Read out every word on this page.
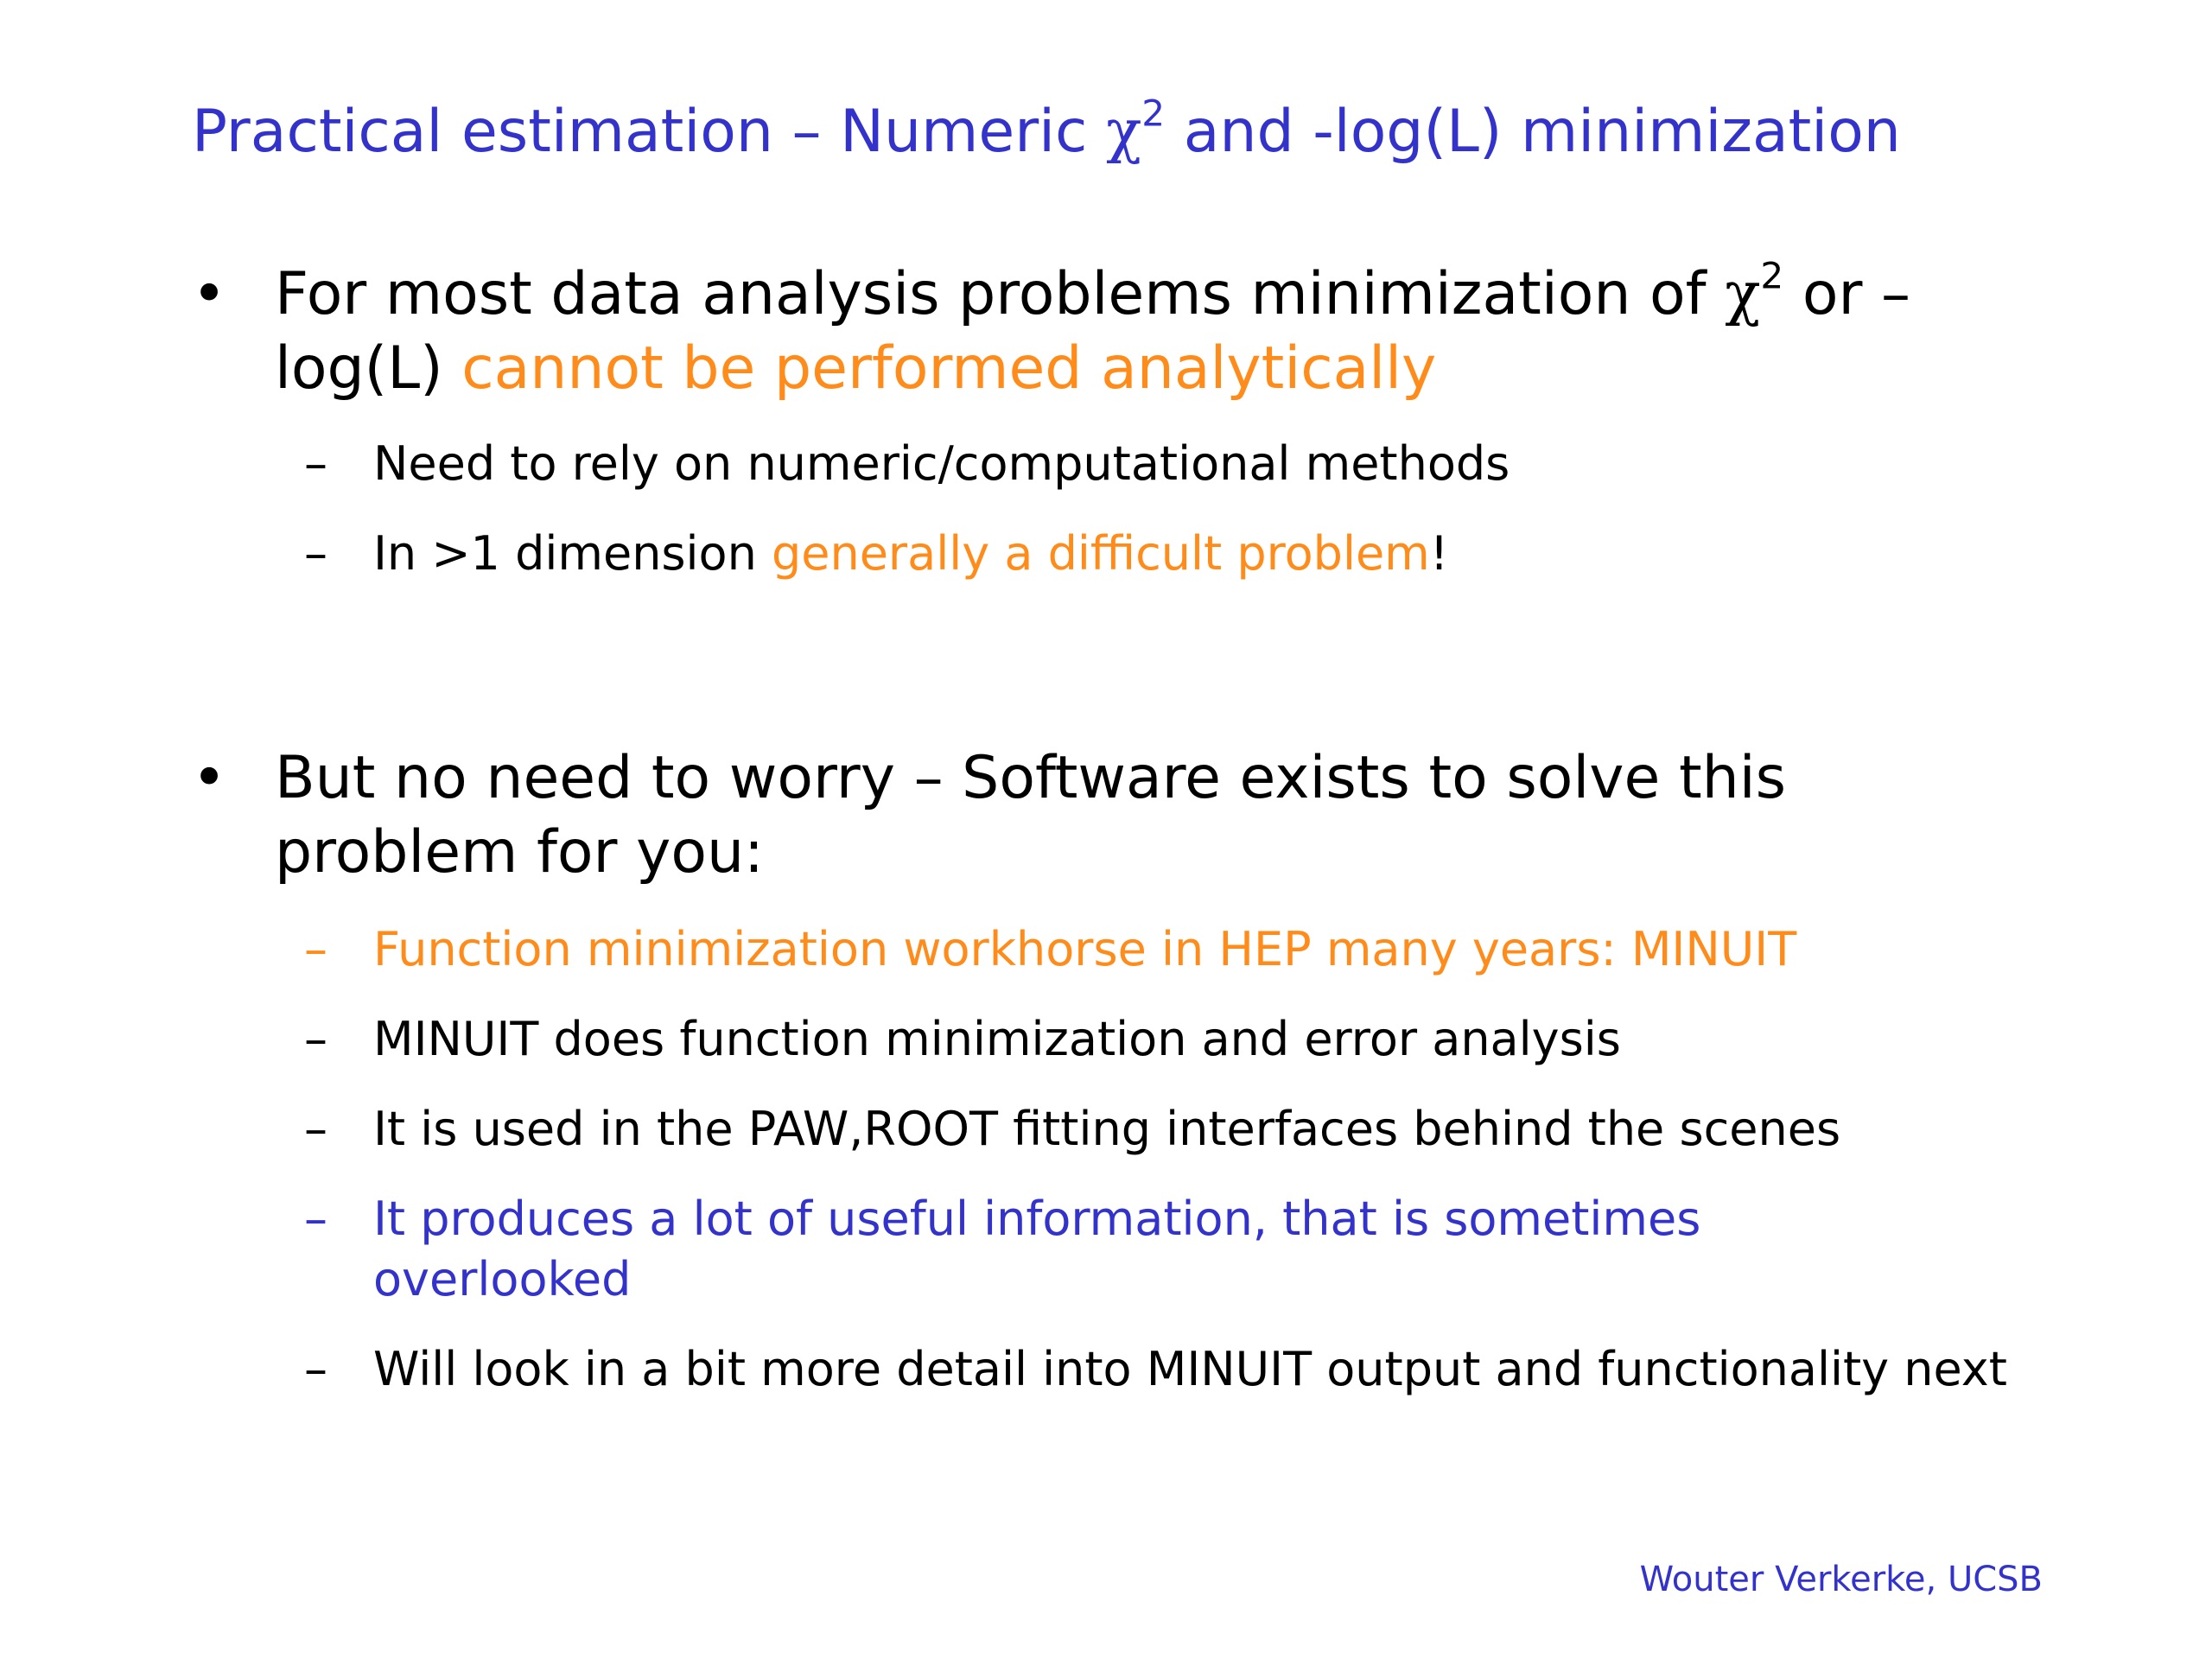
Practical estimation – Numeric $\chi^2$ and -log(L) minimization
• For most data analysis problems minimization of $\chi^2$ or –log(L) cannot be performed analytically
– Need to rely on numeric/computational methods
– In >1 dimension generally a difficult problem!
• But no need to worry – Software exists to solve this problem for you:
– Function minimization workhorse in HEP many years: MINUIT
– MINUIT does function minimization and error analysis
– It is used in the PAW,ROOT fitting interfaces behind the scenes
– It produces a lot of useful information, that is sometimes overlooked
– Will look in a bit more detail into MINUIT output and functionality next
Wouter Verkerke, UCSB
